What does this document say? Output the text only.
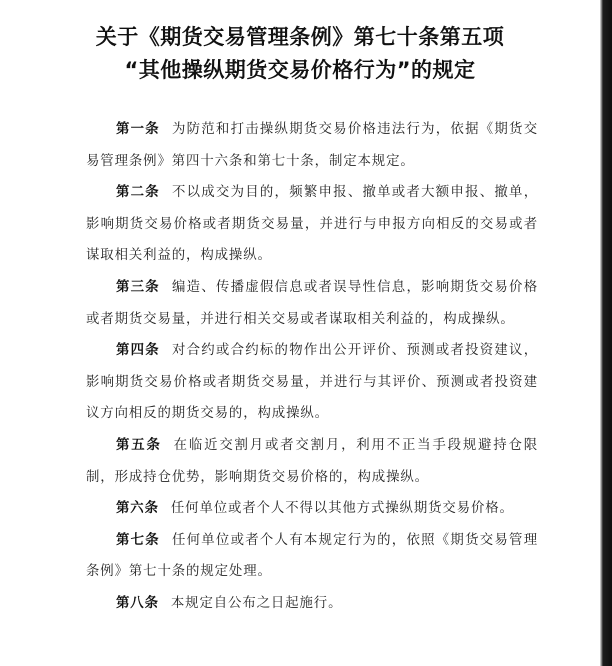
关于《期货交易管理条例》第七十条第五项
“其他操纵期货交易价格行为”的规定

第一条 为防范和打击操纵期货交易价格违法行为，依据《期货交易管理条例》第四十六条和第七十条，制定本规定。

第二条 不以成交为目的，频繁申报、撤单或者大额申报、撤单，影响期货交易价格或者期货交易量，并进行与申报方向相反的交易或者谋取相关利益的，构成操纵。

第三条 编造、传播虚假信息或者误导性信息，影响期货交易价格或者期货交易量，并进行相关交易或者谋取相关利益的，构成操纵。

第四条 对合约或合约标的物作出公开评价、预测或者投资建议，影响期货交易价格或者期货交易量，并进行与其评价、预测或者投资建议方向相反的期货交易的，构成操纵。

第五条 在临近交割月或者交割月，利用不正当手段规避持仓限制，形成持仓优势，影响期货交易价格的，构成操纵。

第六条 任何单位或者个人不得以其他方式操纵期货交易价格。

第七条 任何单位或者个人有本规定行为的，依照《期货交易管理条例》第七十条的规定处理。

第八条 本规定自公布之日起施行。
